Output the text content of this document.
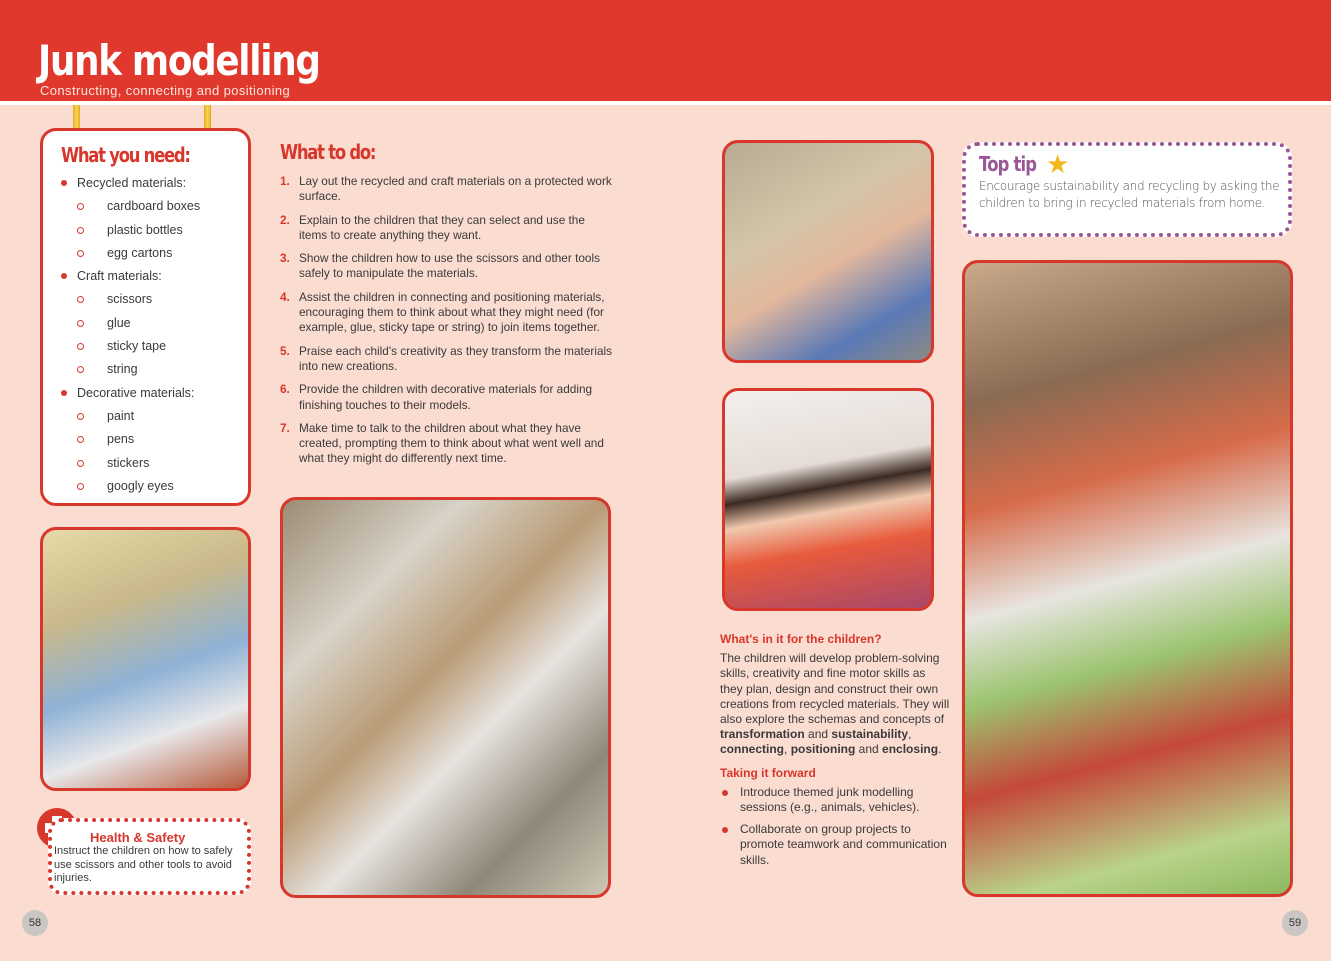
Junk modelling
Constructing, connecting and positioning
What you need:
Recycled materials:
cardboard boxes
plastic bottles
egg cartons
Craft materials:
scissors
glue
sticky tape
string
Decorative materials:
paint
pens
stickers
googly eyes
Health & Safety
Instruct the children on how to safely use scissors and other tools to avoid injuries.
58
What to do:
1. Lay out the recycled and craft materials on a protected work surface.
2. Explain to the children that they can select and use the items to create anything they want.
3. Show the children how to use the scissors and other tools safely to manipulate the materials.
4. Assist the children in connecting and positioning materials, encouraging them to think about what they might need (for example, glue, sticky tape or string) to join items together.
5. Praise each child's creativity as they transform the materials into new creations.
6. Provide the children with decorative materials for adding finishing touches to their models.
7. Make time to talk to the children about what they have created, prompting them to think about what went well and what they might do differently next time.
What's in it for the children?

The children will develop problem-solving skills, creativity and fine motor skills as they plan, design and construct their own creations from recycled materials. They will also explore the schemas and concepts of transformation and sustainability, connecting, positioning and enclosing.

Taking it forward
Introduce themed junk modelling sessions (e.g., animals, vehicles).
Collaborate on group projects to promote teamwork and communication skills.
Top tip ★
Encourage sustainability and recycling by asking the children to bring in recycled materials from home.
59
